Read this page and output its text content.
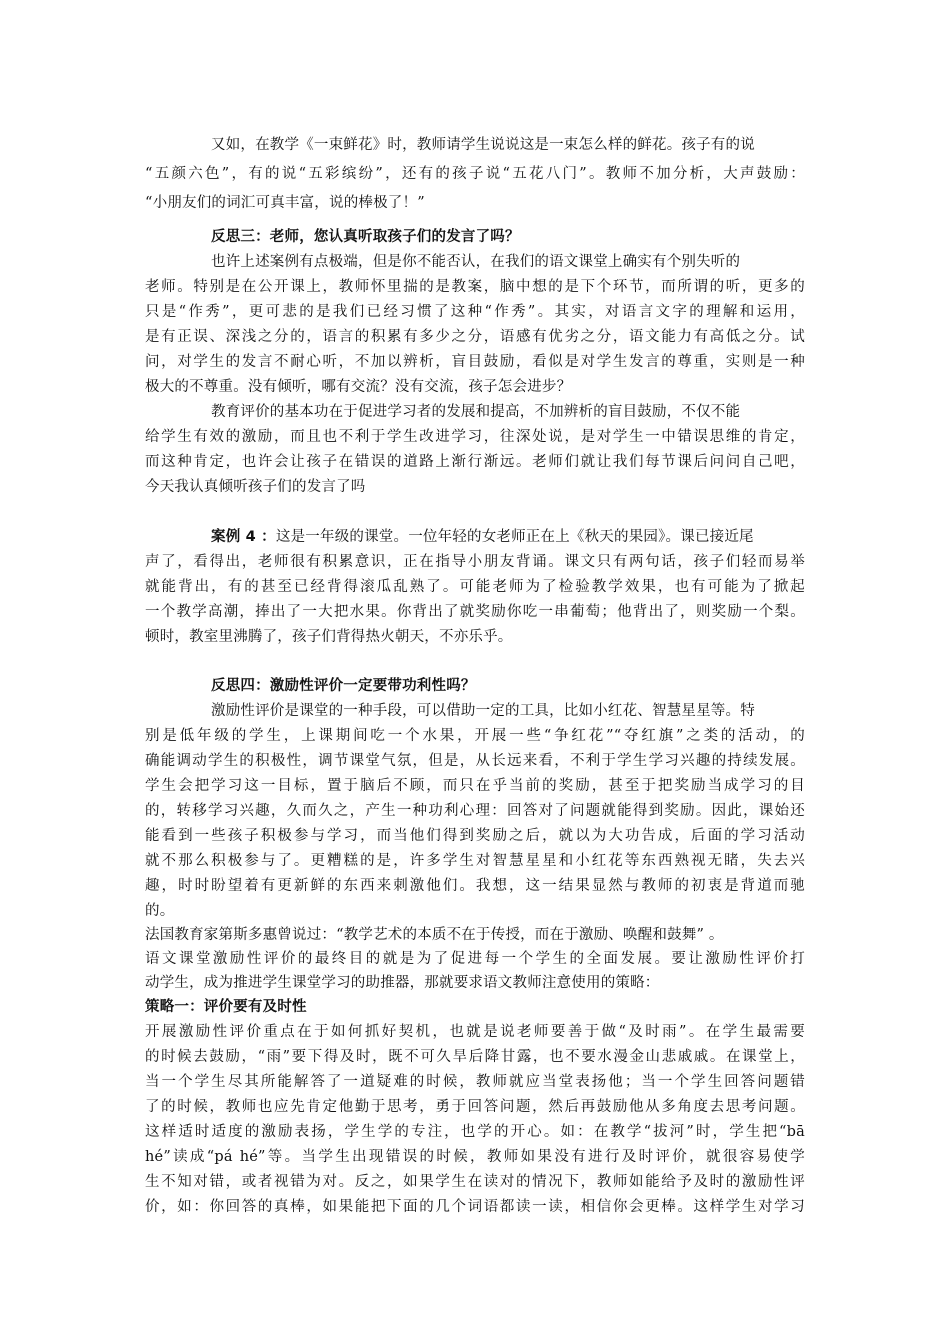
又如，在教学《一束鲜花》时，教师请学生说说这是一束怎么样的鲜花。孩子有的说
“五颜六色”，有的说“五彩缤纷”，还有的孩子说“五花八门”。教师不加分析，大声鼓励：
“小朋友们的词汇可真丰富，说的棒极了！”
反思三：老师，您认真听取孩子们的发言了吗？
也许上述案例有点极端，但是你不能否认，在我们的语文课堂上确实有个别失听的
老师。特别是在公开课上，教师怀里揣的是教案，脑中想的是下个环节，而所谓的听，更多的
只是“作秀”，更可悲的是我们已经习惯了这种“作秀”。其实，对语言文字的理解和运用，
是有正误、深浅之分的，语言的积累有多少之分，语感有优劣之分，语文能力有高低之分。试
问，对学生的发言不耐心听，不加以辨析，盲目鼓励，看似是对学生发言的尊重，实则是一种
极大的不尊重。没有倾听，哪有交流？没有交流，孩子怎会进步？
教育评价的基本功在于促进学习者的发展和提高，不加辨析的盲目鼓励，不仅不能
给学生有效的激励，而且也不利于学生改进学习，往深处说，是对学生一中错误思维的肯定，
而这种肯定，也许会让孩子在错误的道路上渐行渐远。老师们就让我们每节课后问问自己吧，
今天我认真倾听孩子们的发言了吗
案例 4 ：这是一年级的课堂。一位年轻的女老师正在上《秋天的果园》。课已接近尾
声了，看得出，老师很有积累意识，正在指导小朋友背诵。课文只有两句话，孩子们轻而易举
就能背出，有的甚至已经背得滚瓜乱熟了。可能老师为了检验教学效果，也有可能为了掀起
一个教学高潮，捧出了一大把水果。你背出了就奖励你吃一串葡萄；他背出了，则奖励一个梨。
顿时，教室里沸腾了，孩子们背得热火朝天，不亦乐乎。
反思四：激励性评价一定要带功利性吗？
激励性评价是课堂的一种手段，可以借助一定的工具，比如小红花、智慧星星等。特
别是低年级的学生，上课期间吃一个水果，开展一些“争红花”“夺红旗”之类的活动，的
确能调动学生的积极性，调节课堂气氛，但是，从长远来看，不利于学生学习兴趣的持续发展。
学生会把学习这一目标，置于脑后不顾，而只在乎当前的奖励，甚至于把奖励当成学习的目
的，转移学习兴趣，久而久之，产生一种功利心理：回答对了问题就能得到奖励。因此，课始还
能看到一些孩子积极参与学习，而当他们得到奖励之后，就以为大功告成，后面的学习活动
就不那么积极参与了。更糟糕的是，许多学生对智慧星星和小红花等东西熟视无睹，失去兴
趣，时时盼望着有更新鲜的东西来刺激他们。我想，这一结果显然与教师的初衷是背道而驰
的。
法国教育家第斯多惠曾说过：“教学艺术的本质不在于传授，而在于激励、唤醒和鼓舞” 。
语文课堂激励性评价的最终目的就是为了促进每一个学生的全面发展。要让激励性评价打
动学生，成为推进学生课堂学习的助推器，那就要求语文教师注意使用的策略：
策略一：评价要有及时性
开展激励性评价重点在于如何抓好契机，也就是说老师要善于做“及时雨”。在学生最需要
的时候去鼓励，“雨”要下得及时，既不可久旱后降甘露，也不要水漫金山悲戚戚。在课堂上，
当一个学生尽其所能解答了一道疑难的时候，教师就应当堂表扬他；当一个学生回答问题错
了的时候，教师也应先肯定他勤于思考，勇于回答问题，然后再鼓励他从多角度去思考问题。
这样适时适度的激励表扬，学生学的专注，也学的开心。如：在教学“拔河”时，学生把“bā
hé”读成“pá hé”等。当学生出现错误的时候，教师如果没有进行及时评价，就很容易使学
生不知对错，或者视错为对。反之，如果学生在读对的情况下，教师如能给予及时的激励性评
价，如：你回答的真棒，如果能把下面的几个词语都读一读，相信你会更棒。这样学生对学习
